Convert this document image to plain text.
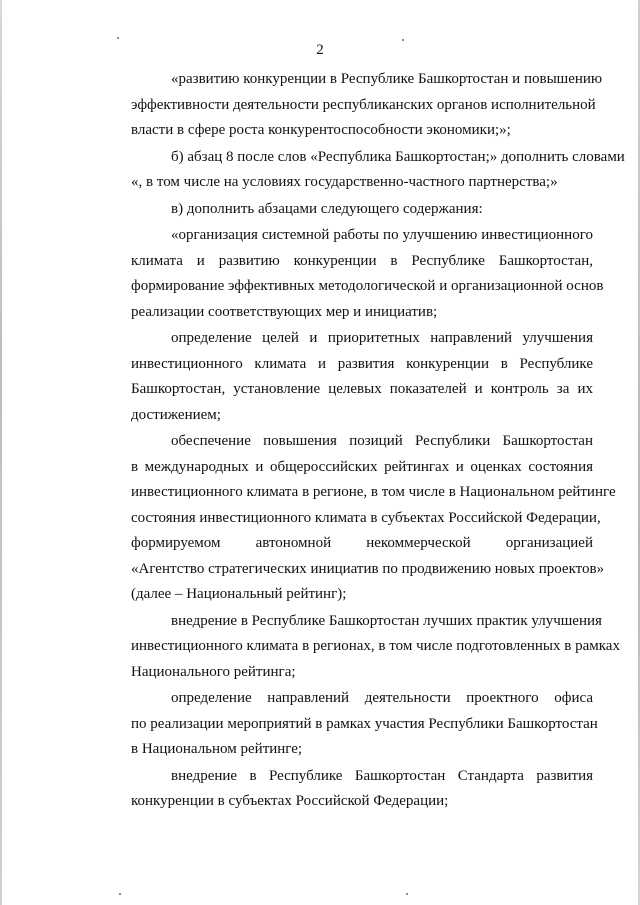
2
«развитию конкуренции в Республике Башкортостан и повышению
эффективности деятельности республиканских органов исполнительной
власти в сфере роста конкурентоспособности экономики;»;
б) абзац 8 после слов «Республика Башкортостан;» дополнить словами
«, в том числе на условиях государственно-частного партнерства;»
в) дополнить абзацами следующего содержания:
«организация системной работы по улучшению инвестиционного
климата и развитию конкуренции в Республике Башкортостан,
формирование эффективных методологической и организационной основ
реализации соответствующих мер и инициатив;
определение целей и приоритетных направлений улучшения
инвестиционного климата и развития конкуренции в Республике
Башкортостан, установление целевых показателей и контроль за их
достижением;
обеспечение повышения позиций Республики Башкортостан
в международных и общероссийских рейтингах и оценках состояния
инвестиционного климата в регионе, в том числе в Национальном рейтинге
состояния инвестиционного климата в субъектах Российской Федерации,
формируемом автономной некоммерческой организацией
«Агентство стратегических инициатив по продвижению новых проектов»
(далее – Национальный рейтинг);
внедрение в Республике Башкортостан лучших практик улучшения
инвестиционного климата в регионах, в том числе подготовленных в рамках
Национального рейтинга;
определение направлений деятельности проектного офиса
по реализации мероприятий в рамках участия Республики Башкортостан
в Национальном рейтинге;
внедрение в Республике Башкортостан Стандарта развития
конкуренции в субъектах Российской Федерации;
